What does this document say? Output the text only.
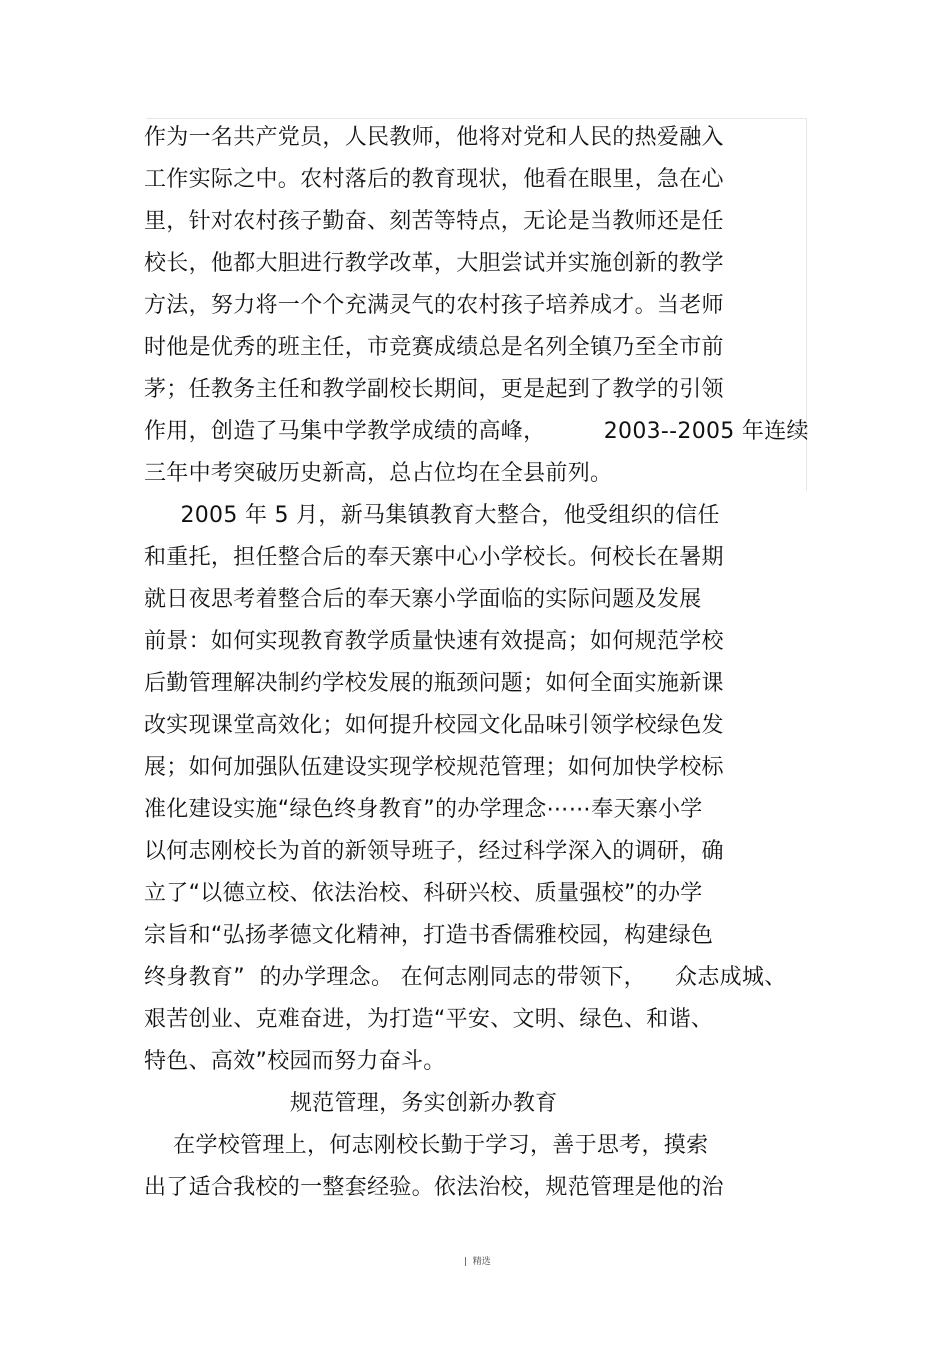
作为一名共产党员，人民教师，他将对党和人民的热爱融入
工作实际之中。农村落后的教育现状，他看在眼里，急在心
里，针对农村孩子勤奋、刻苦等特点，无论是当教师还是任
校长，他都大胆进行教学改革，大胆尝试并实施创新的教学
方法，努力将一个个充满灵气的农村孩子培养成才。当老师
时他是优秀的班主任，市竞赛成绩总是名列全镇乃至全市前
茅；任教务主任和教学副校长期间，更是起到了教学的引领
作用，创造了马集中学教学成绩的高峰，        2003--2005 年连续
三年中考突破历史新高，总占位均在全县前列。
2005 年 5 月，新马集镇教育大整合，他受组织的信任
和重托，担任整合后的奉天寨中心小学校长。何校长在暑期
就日夜思考着整合后的奉天寨小学面临的实际问题及发展
前景：如何实现教育教学质量快速有效提高；如何规范学校
后勤管理解决制约学校发展的瓶颈问题；如何全面实施新课
改实现课堂高效化；如何提升校园文化品味引领学校绿色发
展；如何加强队伍建设实现学校规范管理；如何加快学校标
准化建设实施“绿色终身教育”的办学理念⋯⋯奉天寨小学
以何志刚校长为首的新领导班子，经过科学深入的调研，确
立了“以德立校、依法治校、科研兴校、质量强校”的办学
宗旨和“弘扬孝德文化精神，打造书香儒雅校园，构建绿色
终身教育”  的办学理念。 在何志刚同志的带领下，    众志成城、
艰苦创业、克难奋进，为打造“平安、文明、绿色、和谐、
特色、高效”校园而努力奋斗。
规范管理，务实创新办教育
在学校管理上，何志刚校长勤于学习，善于思考，摸索
出了适合我校的一整套经验。依法治校，规范管理是他的治
|  精选
